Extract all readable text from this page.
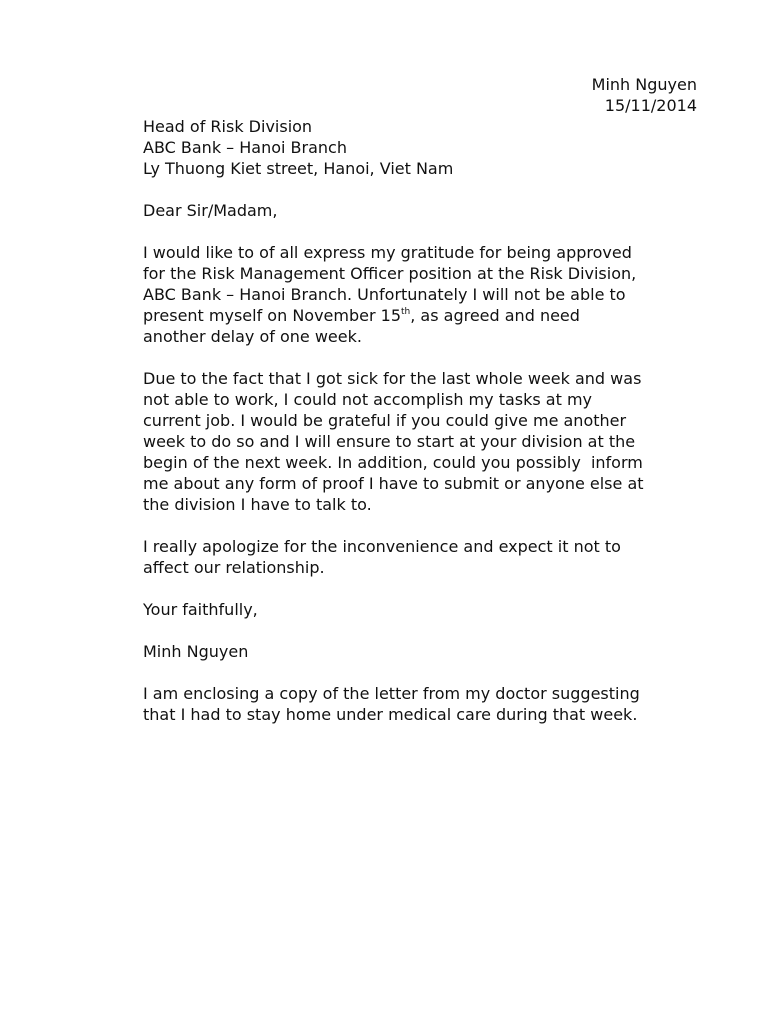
Minh Nguyen
15/11/2014
Head of Risk Division
ABC Bank – Hanoi Branch
Ly Thuong Kiet street, Hanoi, Viet Nam
Dear Sir/Madam,
I would like to of all express my gratitude for being approved
for the Risk Management Officer position at the Risk Division,
ABC Bank – Hanoi Branch. Unfortunately I will not be able to
present myself on November 15th, as agreed and need
another delay of one week.
Due to the fact that I got sick for the last whole week and was
not able to work, I could not accomplish my tasks at my
current job. I would be grateful if you could give me another
week to do so and I will ensure to start at your division at the
begin of the next week. In addition, could you possibly  inform
me about any form of proof I have to submit or anyone else at
the division I have to talk to.
I really apologize for the inconvenience and expect it not to
affect our relationship.
Your faithfully,
Minh Nguyen
I am enclosing a copy of the letter from my doctor suggesting
that I had to stay home under medical care during that week.
